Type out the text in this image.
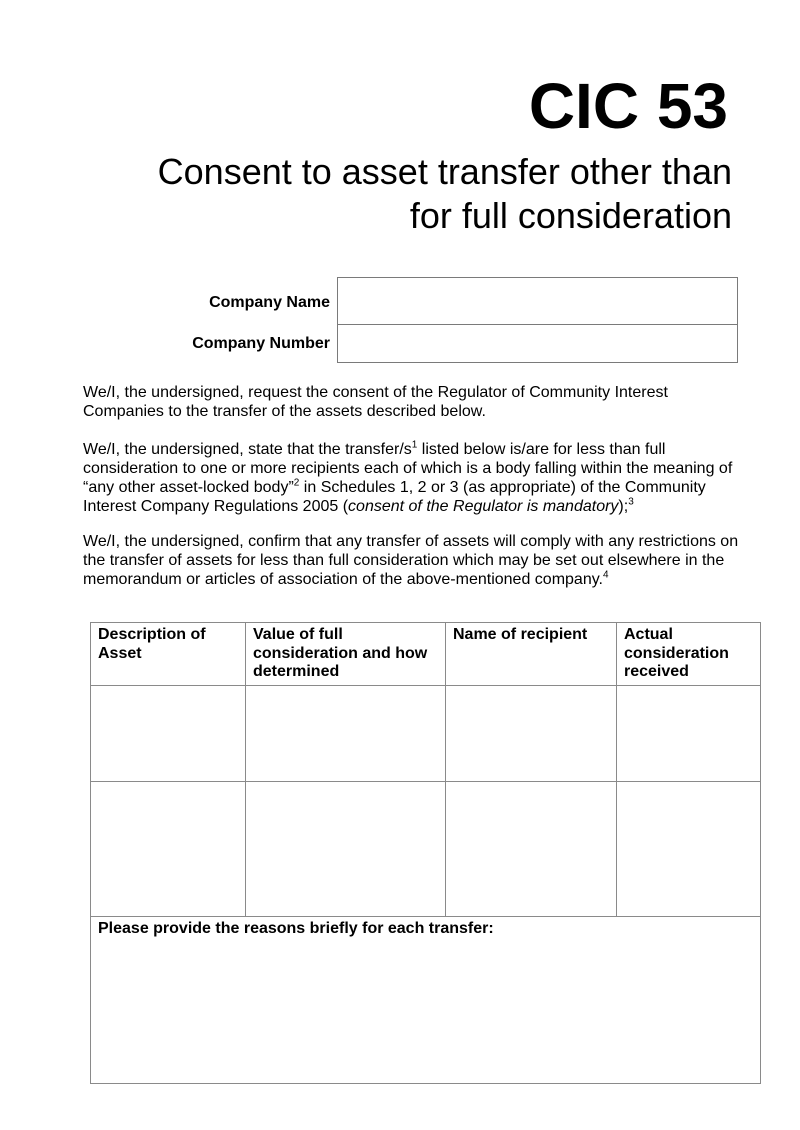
CIC 53
Consent to asset transfer other than
for full consideration
Company Name
Company Number
We/I, the undersigned, request the consent of the Regulator of Community Interest Companies to the transfer of the assets described below.
We/I, the undersigned, state that the transfer/$s^1$ listed below is/are for less than full consideration to one or more recipients each of which is a body falling within the meaning of “any other asset-locked body”$^2$ in Schedules 1, 2 or 3 (as appropriate) of the Community Interest Company Regulations 2005 (consent of the Regulator is mandatory);$^3$
We/I, the undersigned, confirm that any transfer of assets will comply with any restrictions on the transfer of assets for less than full consideration which may be set out elsewhere in the memorandum or articles of association of the above-mentioned company.$^4$
Description of Asset	Value of full consideration and how determined	Name of recipient	Actual consideration received

Please provide the reasons briefly for each transfer:			
